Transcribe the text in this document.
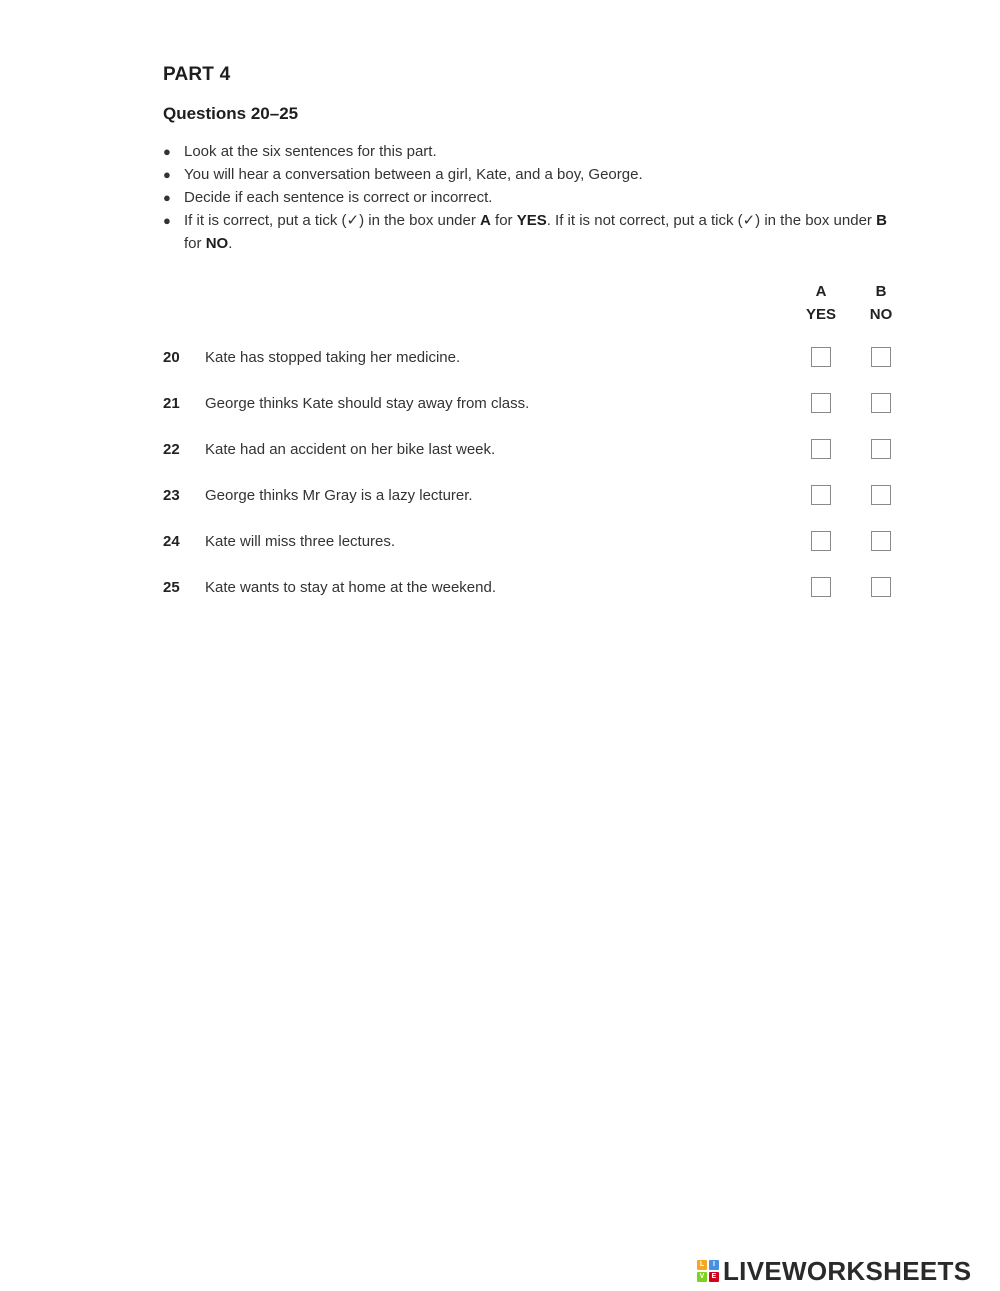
PART 4
Questions 20–25
● Look at the six sentences for this part.
● You will hear a conversation between a girl, Kate, and a boy, George.
● Decide if each sentence is correct or incorrect.
● If it is correct, put a tick (✓) in the box under A for YES. If it is not correct, put a tick (✓) in the box under B for NO.
A
YES
B
NO
20 Kate has stopped taking her medicine.
21 George thinks Kate should stay away from class.
22 Kate had an accident on her bike last week.
23 George thinks Mr Gray is a lazy lecturer.
24 Kate will miss three lectures.
25 Kate wants to stay at home at the weekend.
L	I
V	E LIVEWORKSHEETS
